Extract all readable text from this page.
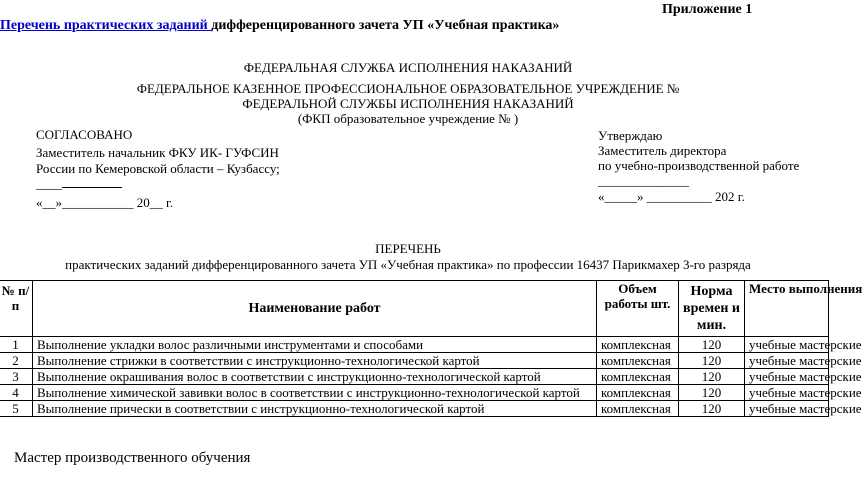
Приложение 1
Перечень практических заданий дифференцированного зачета УП «Учебная практика»
ФЕДЕРАЛЬНАЯ СЛУЖБА ИСПОЛНЕНИЯ НАКАЗАНИЙ
ФЕДЕРАЛЬНОЕ КАЗЕННОЕ ПРОФЕССИОНАЛЬНОЕ ОБРАЗОВАТЕЛЬНОЕ УЧРЕЖДЕНИЕ №
ФЕДЕРАЛЬНОЙ СЛУЖБЫ ИСПОЛНЕНИЯ НАКАЗАНИЙ
(ФКП образовательное учреждение № )
СОГЛАСОВАНО
Заместитель начальник ФКУ ИК- ГУФСИН
России по Кемеровской области – Кузбассу;
____
«__»___________ 20__ г.
Утверждаю
Заместитель директора
по учебно-производственной работе
______________
«_____» __________ 202 г.
ПЕРЕЧЕНЬ
практических заданий дифференцированного зачета УП «Учебная практика» по профессии 16437 Парикмахер 3-го разряда
№ п/п	Наименование работ	Объем работы шт.	Норма времен и мин.	Место выполнения
1	Выполнение укладки волос различными инструментами и способами	комплексная	120	учебные мастерские
2	Выполнение стрижки в соответствии с инструкционно-технологической картой	комплексная	120	учебные мастерские
3	Выполнение окрашивания волос в соответствии с инструкционно-технологической картой	комплексная	120	учебные мастерские
4	Выполнение химической завивки волос в соответствии с инструкционно-технологической картой	комплексная	120	учебные мастерские
5	Выполнение прически в соответствии с инструкционно-технологической картой	комплексная	120	учебные мастерские
Мастер производственного обучения
